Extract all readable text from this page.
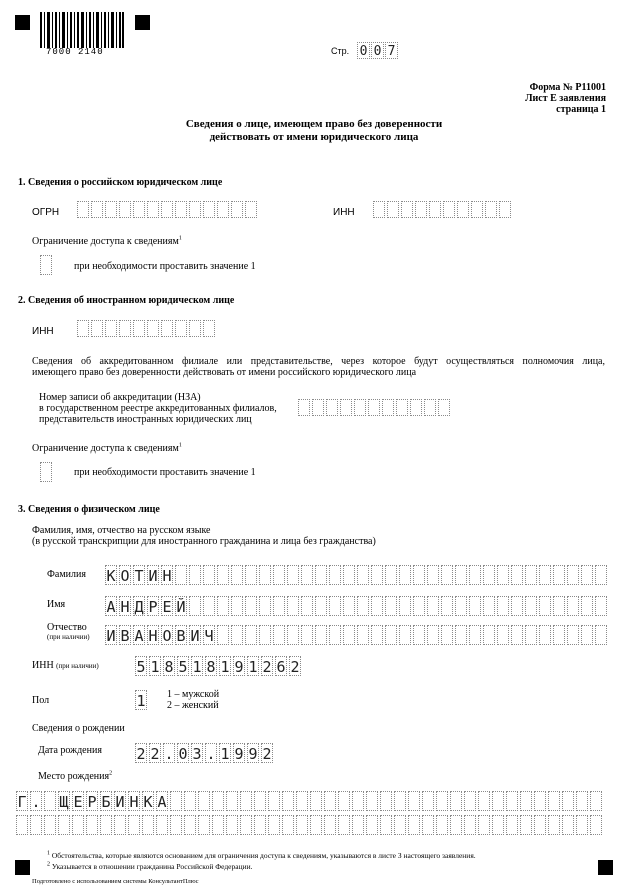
7000 2140	Стр. 0 0 7
Форма № Р11001
Лист Е заявления
страница 1
Сведения о лице, имеющем право без доверенности
действовать от имени юридического лица
1. Сведения о российском юридическом лице
ОГРН	ИНН
Ограничение доступа к сведениям$^1$
при необходимости проставить значение 1
2. Сведения об иностранном юридическом лице
ИНН
Сведения об аккредитованном филиале или представительстве, через которое будут осуществляться полномочия лица,
имеющего право без доверенности действовать от имени российского юридического лица
Номер записи об аккредитации (НЗА)
в государственном реестре аккредитованных филиалов,
представительств иностранных юридических лиц
Ограничение доступа к сведениям$^1$
при необходимости проставить значение 1
3. Сведения о физическом лице
Фамилия, имя, отчество на русском языке
(в русской транскрипции для иностранного гражданина и лица без гражданства)
Фамилия К О Т И Н
Имя	А Н Д Р Е Й
Отчество
(при наличии) И В А Н О В И Ч
ИНН (при наличии)	5 1 8 5 1 8 1 9 1 2 6 2
Пол	1 1 – мужской
2 – женский
Сведения о рождении
Дата рождения 2 2 . 0 3 . 1 9 9 2
Место рождения$^2$
Г . Щ Е Р Б И Н К А
$^1$ Обстоятельства, которые являются основанием для ограничения доступа к сведениям, указываются в листе З настоящего заявления.
$^2$ Указывается в отношении гражданина Российской Федерации.
Подготовлено с использованием системы КонсультантПлюс
